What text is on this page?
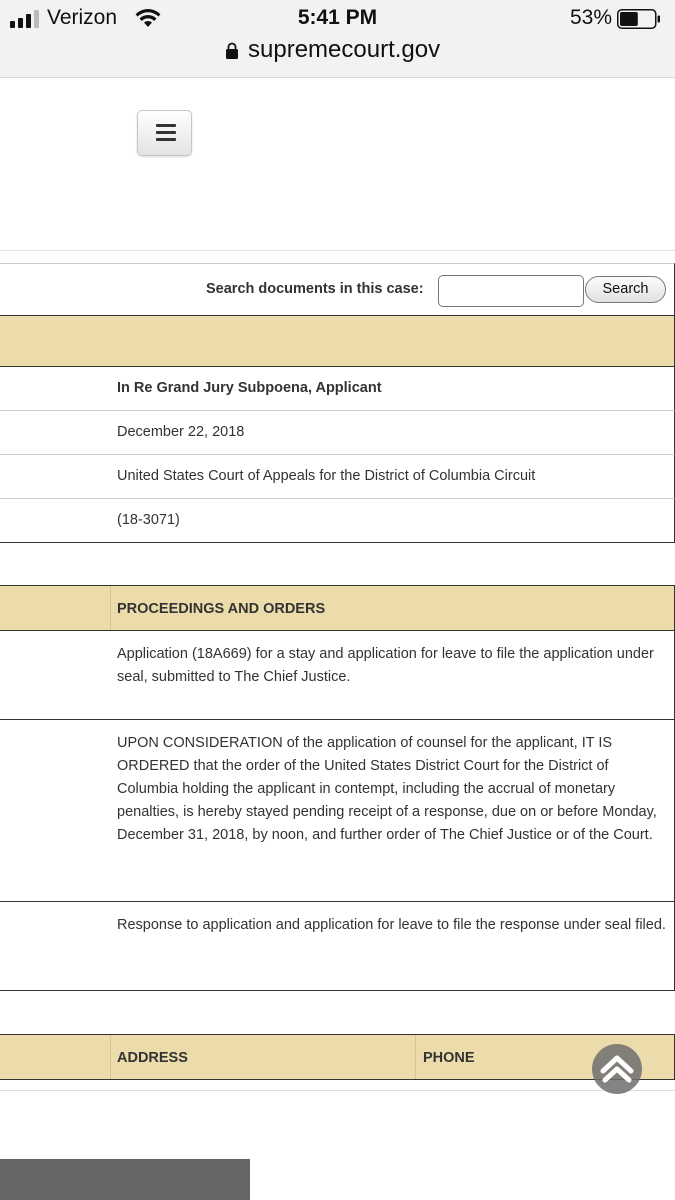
Verizon	5:41 PM	53%
supremecourt.gov
Search documents in this case:	Search
In Re Grand Jury Subpoena, Applicant
December 22, 2018
United States Court of Appeals for the District of Columbia Circuit
(18-3071)
PROCEEDINGS AND ORDERS
Application (18A669) for a stay and application for leave to file the application under seal, submitted to The Chief Justice.
UPON CONSIDERATION of the application of counsel for the applicant, IT IS ORDERED that the order of the United States District Court for the District of Columbia holding the applicant in contempt, including the accrual of monetary penalties, is hereby stayed pending receipt of a response, due on or before Monday, December 31, 2018, by noon, and further order of The Chief Justice or of the Court.
Response to application and application for leave to file the response under seal filed.
ADDRESS	PHONE
